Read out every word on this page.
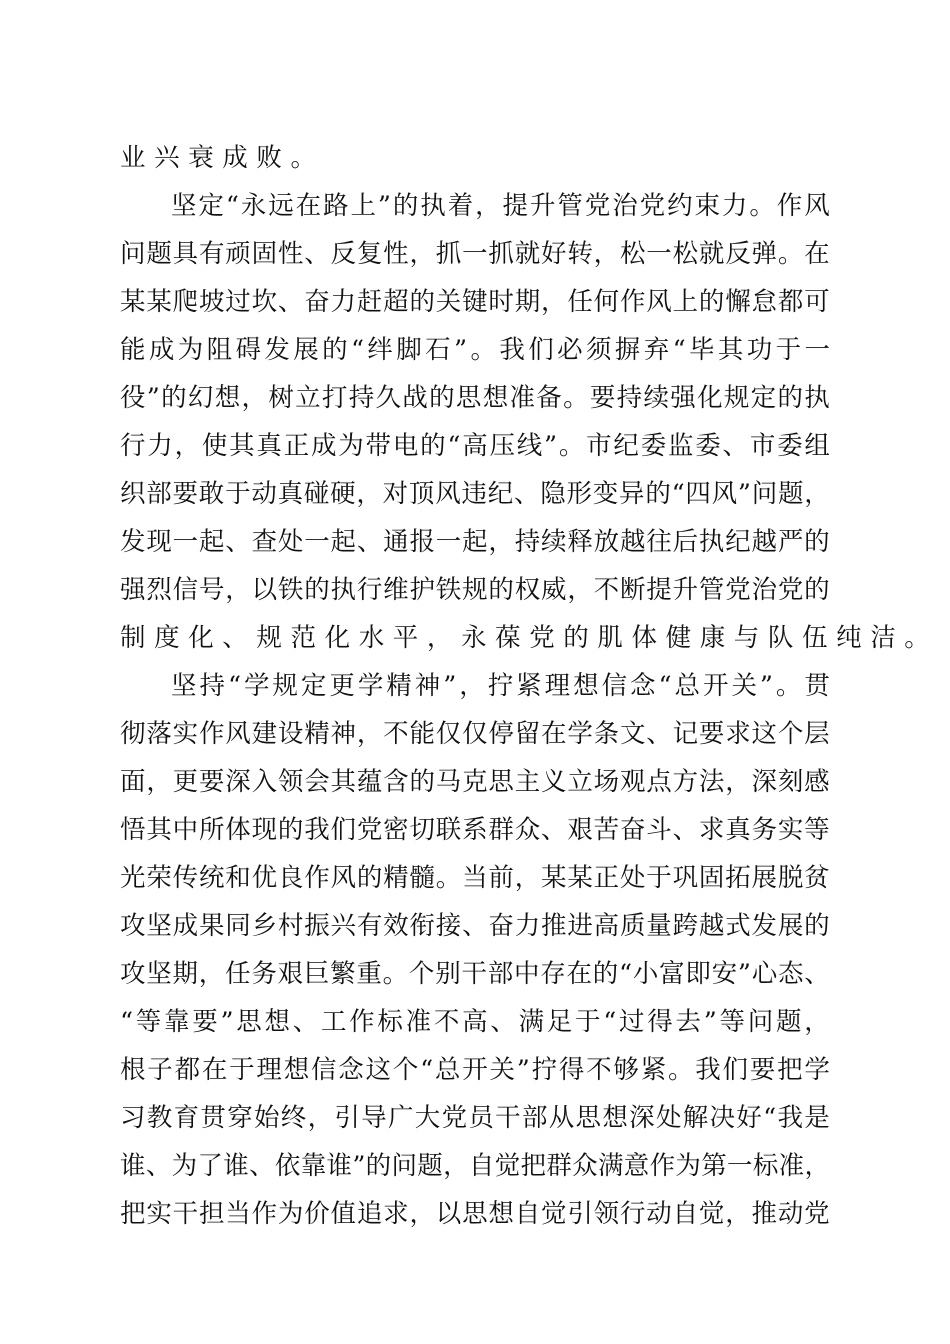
业兴衰成败。
坚 定 “ 永 远 在 路 上 ” 的 执 着 ， 提 升 管 党 治 党 约 束 力 。 作 风
问 题 具 有 顽 固 性 、 反 复 性 ， 抓 一 抓 就 好 转 ， 松 一 松 就 反 弹 。 在
某 某 爬 坡 过 坎 、 奋 力 赶 超 的 关 键 时 期 ， 任 何 作 风 上 的 懈 怠 都 可
能 成 为 阻 碍 发 展 的 “ 绊 脚 石 ” 。 我 们 必 须 摒 弃 “ 毕 其 功 于 一
役 ” 的 幻 想 ， 树 立 打 持 久 战 的 思 想 准 备 。 要 持 续 强 化 规 定 的 执
行 力 ， 使 其 真 正 成 为 带 电 的 “ 高 压 线 ” 。 市 纪 委 监 委 、 市 委 组
织 部 要 敢 于 动 真 碰 硬 ， 对 顶 风 违 纪 、 隐 形 变 异 的 “ 四 风 ” 问 题 ，
发 现 一 起 、 查 处 一 起 、 通 报 一 起 ， 持 续 释 放 越 往 后 执 纪 越 严 的
强 烈 信 号 ， 以 铁 的 执 行 维 护 铁 规 的 权 威 ， 不 断 提 升 管 党 治 党 的
制度化、规范化水平，永葆党的肌体健康与队伍纯洁。
坚 持 “ 学 规 定 更 学 精 神 ” ， 拧 紧 理 想 信 念 “ 总 开 关 ” 。 贯
彻 落 实 作 风 建 设 精 神 ， 不 能 仅 仅 停 留 在 学 条 文 、 记 要 求 这 个 层
面 ， 更 要 深 入 领 会 其 蕴 含 的 马 克 思 主 义 立 场 观 点 方 法 ， 深 刻 感
悟 其 中 所 体 现 的 我 们 党 密 切 联 系 群 众 、 艰 苦 奋 斗 、 求 真 务 实 等
光 荣 传 统 和 优 良 作 风 的 精 髓 。 当 前 ， 某 某 正 处 于 巩 固 拓 展 脱 贫
攻 坚 成 果 同 乡 村 振 兴 有 效 衔 接 、 奋 力 推 进 高 质 量 跨 越 式 发 展 的
攻 坚 期 ， 任 务 艰 巨 繁 重 。 个 别 干 部 中 存 在 的 “ 小 富 即 安 ” 心 态 、
“ 等 靠 要 ” 思 想 、 工 作 标 准 不 高 、 满 足 于 “ 过 得 去 ” 等 问 题 ，
根 子 都 在 于 理 想 信 念 这 个 “ 总 开 关 ” 拧 得 不 够 紧 。 我 们 要 把 学
习 教 育 贯 穿 始 终 ， 引 导 广 大 党 员 干 部 从 思 想 深 处 解 决 好 “ 我 是
谁 、 为 了 谁 、 依 靠 谁 ” 的 问 题 ， 自 觉 把 群 众 满 意 作 为 第 一 标 准 ，
把 实 干 担 当 作 为 价 值 追 求 ， 以 思 想 自 觉 引 领 行 动 自 觉 ， 推 动 党
